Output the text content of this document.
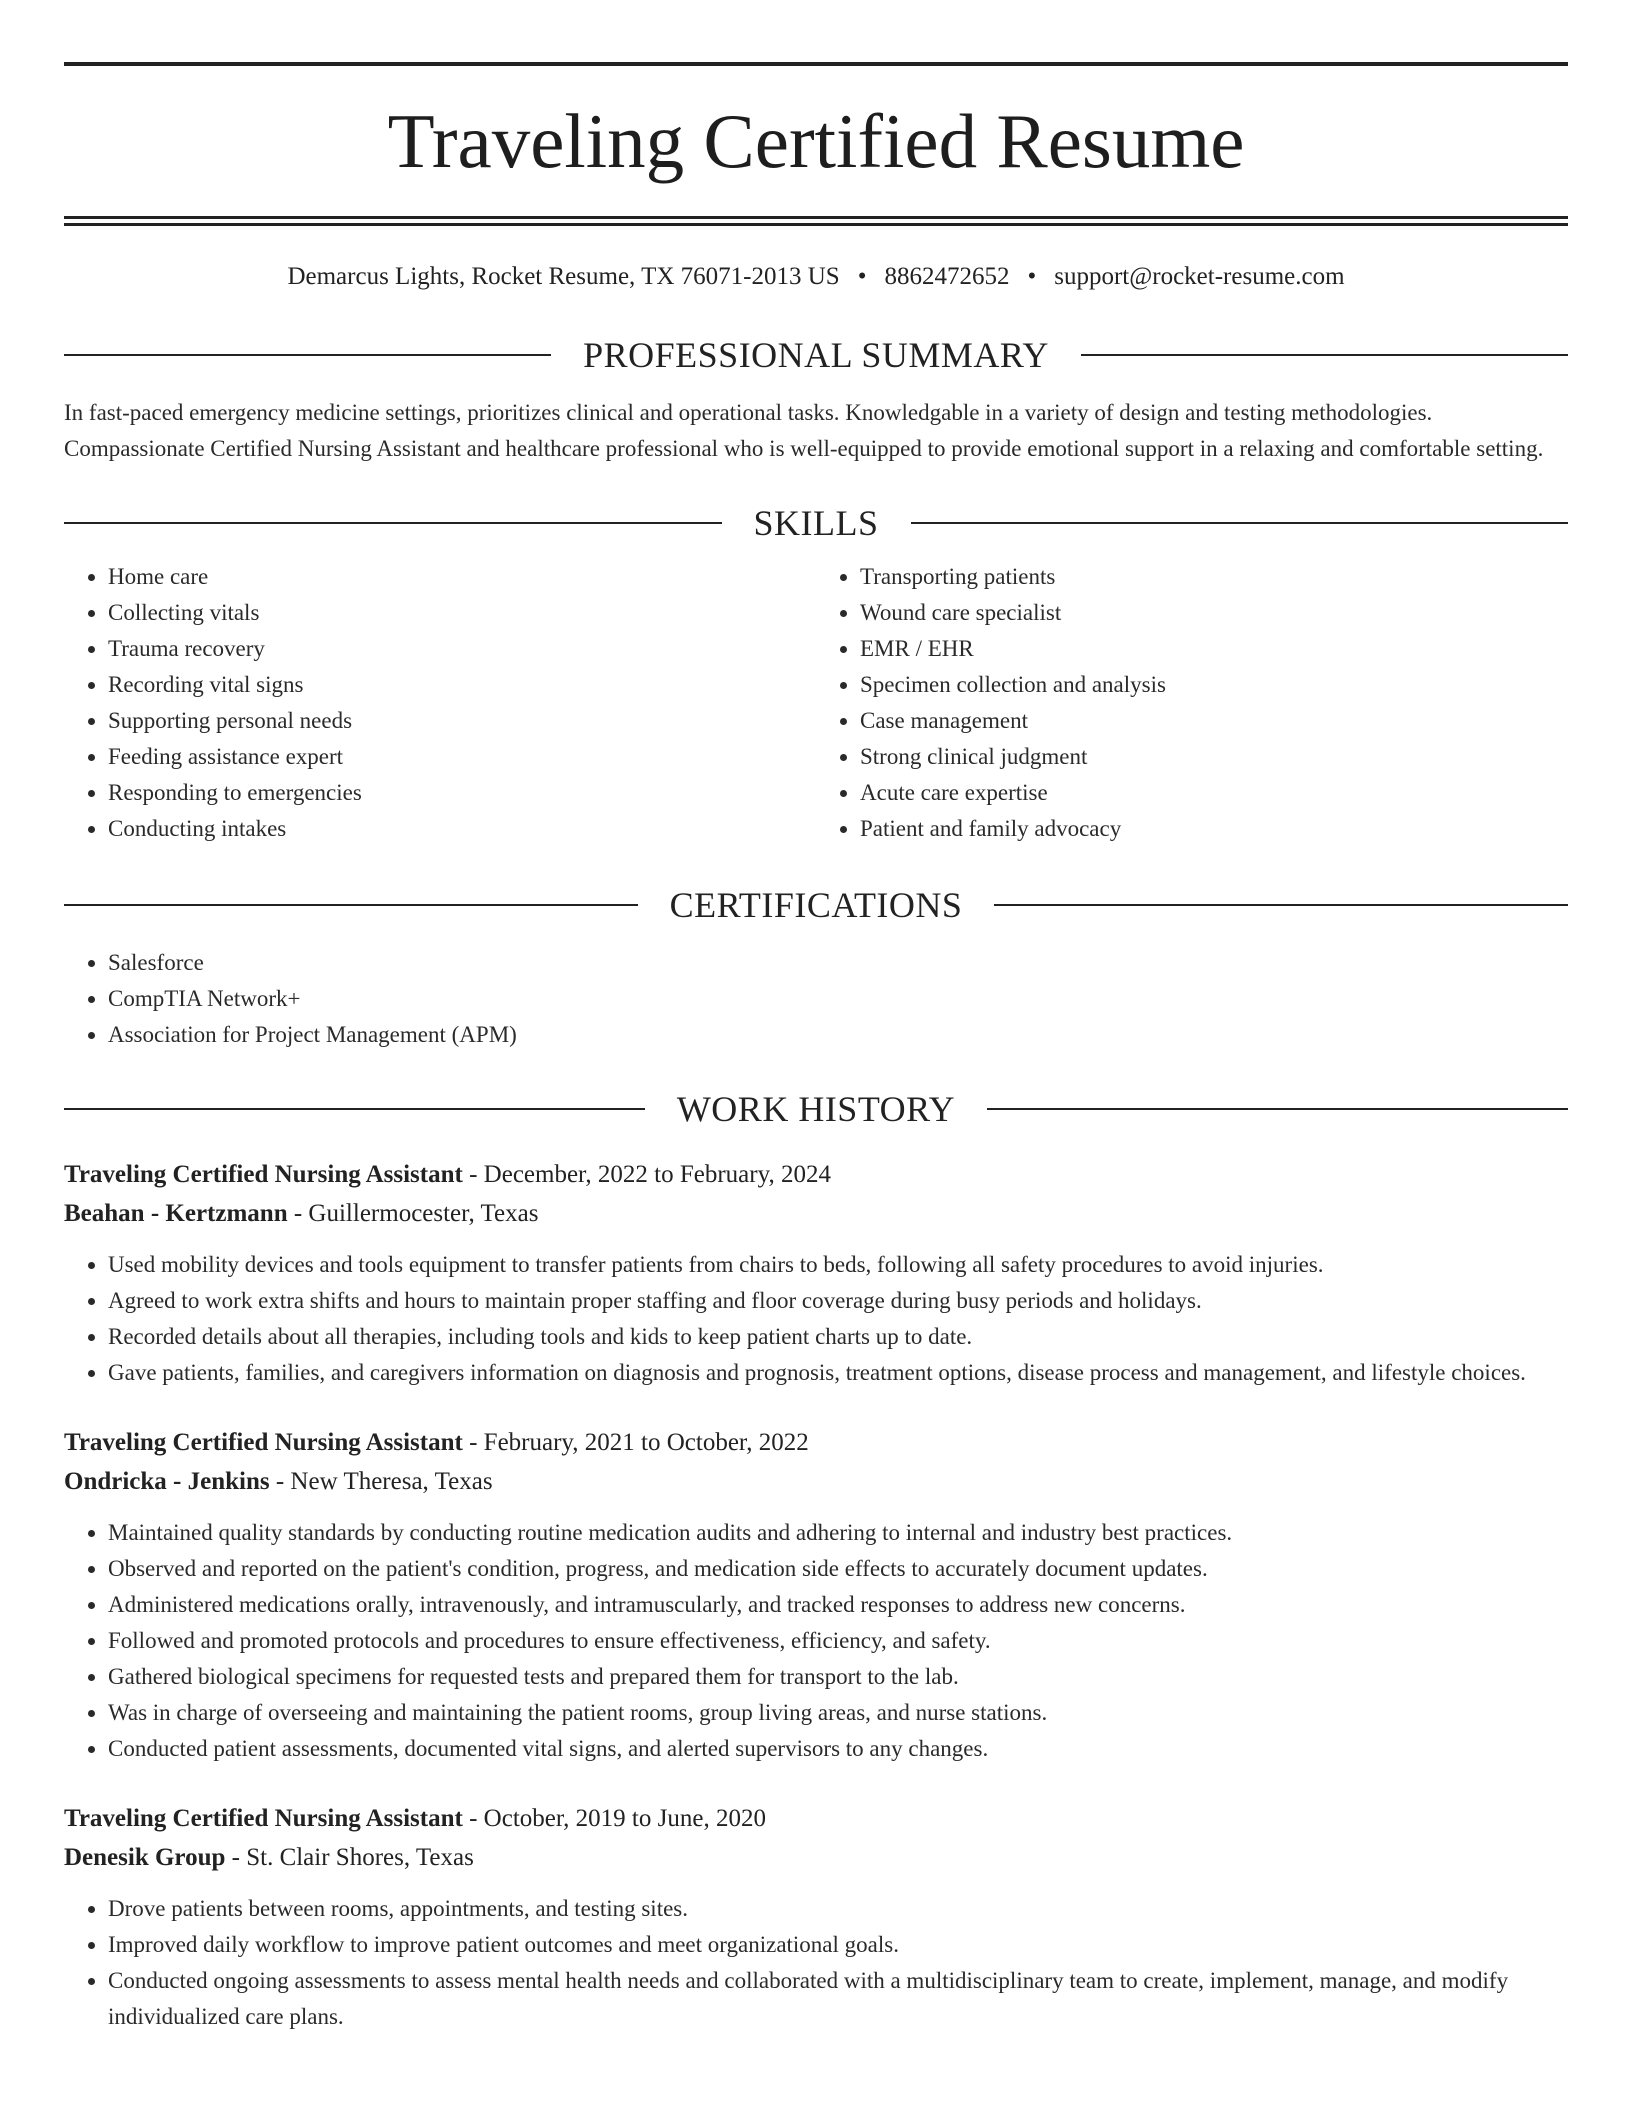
Traveling Certified Resume
Demarcus Lights, Rocket Resume, TX 76071-2013 US • 8862472652 • support@rocket-resume.com
PROFESSIONAL SUMMARY

In fast-paced emergency medicine settings, prioritizes clinical and operational tasks. Knowledgable in a variety of design and testing methodologies. Compassionate Certified Nursing Assistant and healthcare professional who is well-equipped to provide emotional support in a relaxing and comfortable setting.

SKILLS
• Home care
• Collecting vitals
• Trauma recovery
• Recording vital signs
• Supporting personal needs
• Feeding assistance expert
• Responding to emergencies
• Conducting intakes
• Transporting patients
• Wound care specialist
• EMR / EHR
• Specimen collection and analysis
• Case management
• Strong clinical judgment
• Acute care expertise
• Patient and family advocacy
CERTIFICATIONS
• Salesforce
• CompTIA Network+
• Association for Project Management (APM)
WORK HISTORY
Traveling Certified Nursing Assistant - December, 2022 to February, 2024
Beahan - Kertzmann - Guillermocester, Texas
• Used mobility devices and tools equipment to transfer patients from chairs to beds, following all safety procedures to avoid injuries.
• Agreed to work extra shifts and hours to maintain proper staffing and floor coverage during busy periods and holidays.
• Recorded details about all therapies, including tools and kids to keep patient charts up to date.
• Gave patients, families, and caregivers information on diagnosis and prognosis, treatment options, disease process and management, and lifestyle choices.
Traveling Certified Nursing Assistant - February, 2021 to October, 2022
Ondricka - Jenkins - New Theresa, Texas
• Maintained quality standards by conducting routine medication audits and adhering to internal and industry best practices.
• Observed and reported on the patient's condition, progress, and medication side effects to accurately document updates.
• Administered medications orally, intravenously, and intramuscularly, and tracked responses to address new concerns.
• Followed and promoted protocols and procedures to ensure effectiveness, efficiency, and safety.
• Gathered biological specimens for requested tests and prepared them for transport to the lab.
• Was in charge of overseeing and maintaining the patient rooms, group living areas, and nurse stations.
• Conducted patient assessments, documented vital signs, and alerted supervisors to any changes.
Traveling Certified Nursing Assistant - October, 2019 to June, 2020
Denesik Group - St. Clair Shores, Texas
• Drove patients between rooms, appointments, and testing sites.
• Improved daily workflow to improve patient outcomes and meet organizational goals.
• Conducted ongoing assessments to assess mental health needs and collaborated with a multidisciplinary team to create, implement, manage, and modify individualized care plans.
